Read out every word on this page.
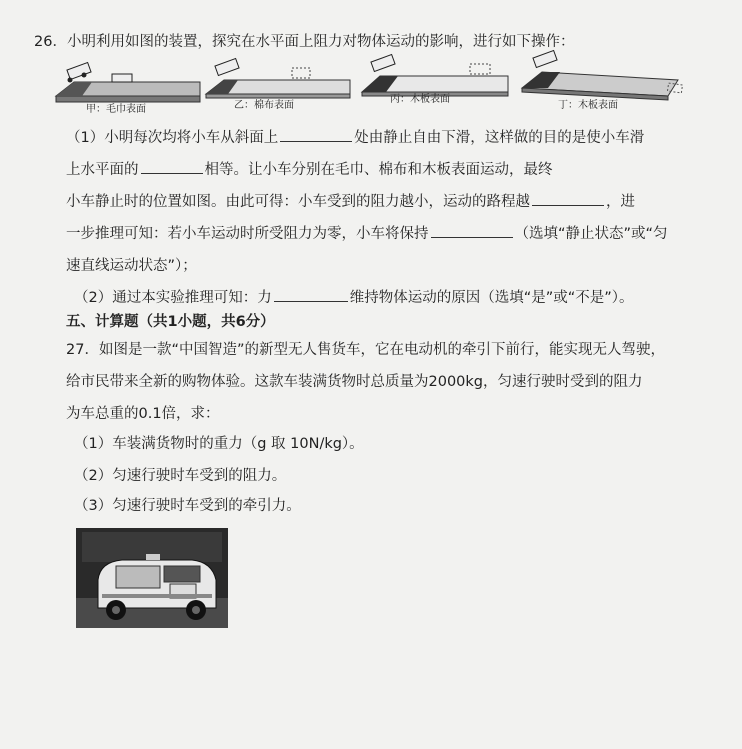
26．小明利用如图的装置，探究在水平面上阻力对物体运动的影响，进行如下操作：
甲：毛巾表面	乙：棉布表面
丙：木板表面
丁：木板表面
（1）小明每次均将小车从斜面上	处由静止自由下滑，这样做的目的是使小车滑
上水平面的	相等。让小车分别在毛巾、棉布和木板表面运动，最终
小车静止时的位置如图。由此可得：小车受到的阻力越小，运动的路程越	，进
一步推理可知：若小车运动时所受阻力为零，小车将保持	（选填“静止状态”或“匀
速直线运动状态”）；
（2）通过本实验推理可知：力	维持物体运动的原因（选填“是”或“不是”）。
五、计算题（共1小题，共6分）
27．如图是一款“中国智造”的新型无人售货车，它在电动机的牵引下前行，能实现无人驾驶，
给市民带来全新的购物体验。这款车装满货物时总质量为2000kg，匀速行驶时受到的阻力
为车总重的0.1倍，求：
（1）车装满货物时的重力（g 取 10N/kg）。
（2）匀速行驶时车受到的阻力。
（3）匀速行驶时车受到的牵引力。
